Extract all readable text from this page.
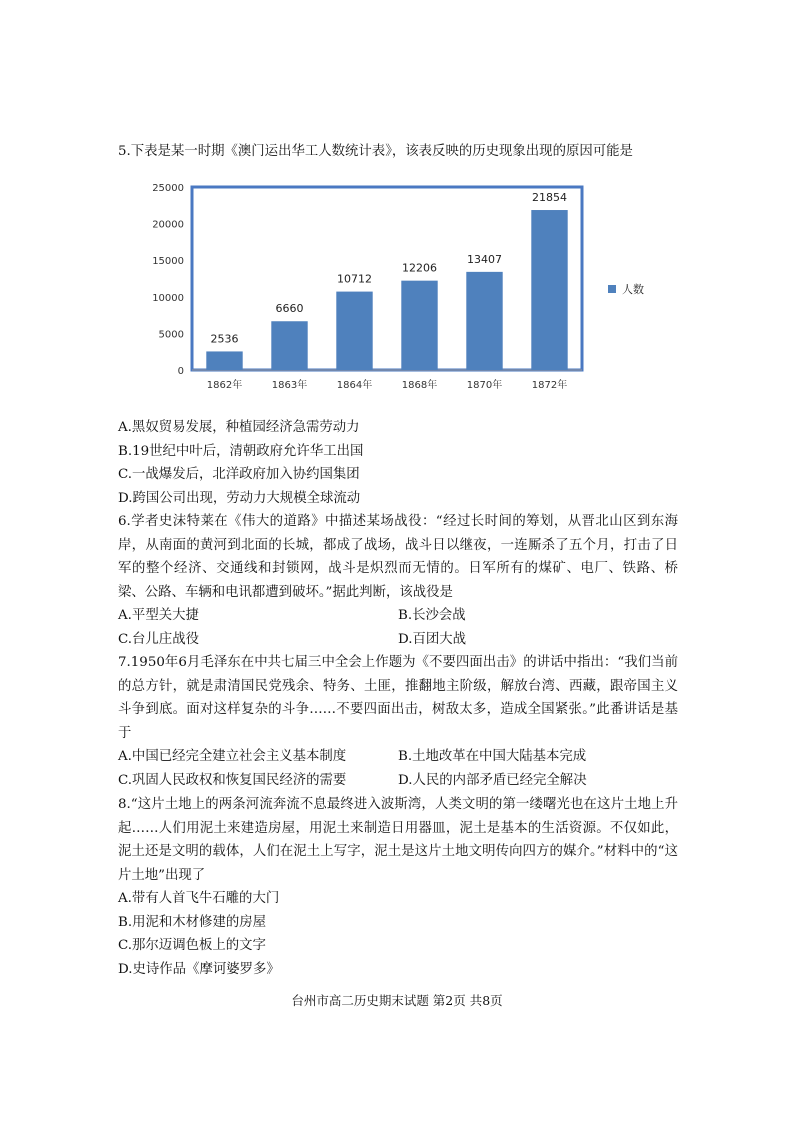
5.下表是某一时期《澳门运出华工人数统计表》，该表反映的历史现象出现的原因可能是

0
5000
10000
15000
20000
25000
2536
1862年
6660
1863年
10712
1864年
12206
1868年
13407
1870年
21854
1872年
人数

A.黑奴贸易发展，种植园经济急需劳动力

B.19世纪中叶后，清朝政府允许华工出国

C.一战爆发后，北洋政府加入协约国集团

D.跨国公司出现，劳动力大规模全球流动

6.学者史沫特莱在《伟大的道路》中描述某场战役：“经过长时间的筹划，从晋北山区到东海岸，从南面的黄河到北面的长城，都成了战场，战斗日以继夜，一连厮杀了五个月，打击了日军的整个经济、交通线和封锁网，战斗是炽烈而无情的。日军所有的煤矿、电厂、铁路、桥梁、公路、车辆和电讯都遭到破坏。”据此判断，该战役是

A.平型关大捷	B.长沙会战
C.台儿庄战役	D.百团大战

7.1950年6月毛泽东在中共七届三中全会上作题为《不要四面出击》的讲话中指出：“我们当前的总方针，就是肃清国民党残余、特务、土匪，推翻地主阶级，解放台湾、西藏，跟帝国主义斗争到底。面对这样复杂的斗争……不要四面出击，树敌太多，造成全国紧张。”此番讲话是基于

A.中国已经完全建立社会主义基本制度	B.土地改革在中国大陆基本完成
C.巩固人民政权和恢复国民经济的需要	D.人民的内部矛盾已经完全解决

8.“这片土地上的两条河流奔流不息最终进入波斯湾，人类文明的第一缕曙光也在这片土地上升起……人们用泥土来建造房屋，用泥土来制造日用器皿，泥土是基本的生活资源。不仅如此，泥土还是文明的载体，人们在泥土上写字，泥土是这片土地文明传向四方的媒介。”材料中的“这片土地”出现了

A.带有人首飞牛石雕的大门

B.用泥和木材修建的房屋

C.那尔迈调色板上的文字

D.史诗作品《摩诃婆罗多》

台州市高二历史期末试题 第2页 共8页
